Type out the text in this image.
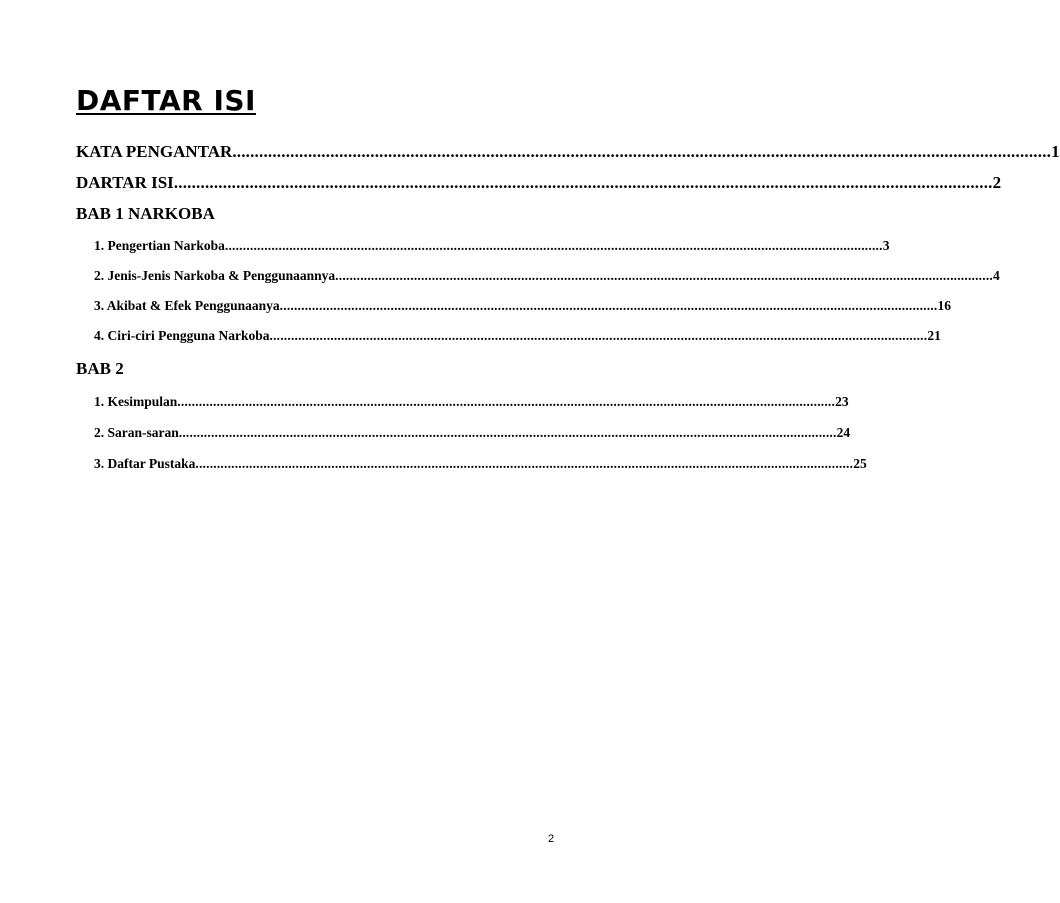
DAFTAR ISI
KATA PENGANTAR ........................................................................................................................................................................................ 1
DARTAR ISI ........................................................................................................................................................................................ 2
BAB 1 NARKOBA
1. Pengertian Narkoba ........................................................................................................................................................................................ 3
2. Jenis-Jenis Narkoba & Penggunaannya ........................................................................................................................................................................................ 4
3. Akibat & Efek Penggunaanya ........................................................................................................................................................................................ 16
4. Ciri-ciri Pengguna Narkoba ........................................................................................................................................................................................ 21
BAB 2
1. Kesimpulan ........................................................................................................................................................................................ 23
2. Saran-saran ........................................................................................................................................................................................ 24
3. Daftar Pustaka ........................................................................................................................................................................................ 25
2
